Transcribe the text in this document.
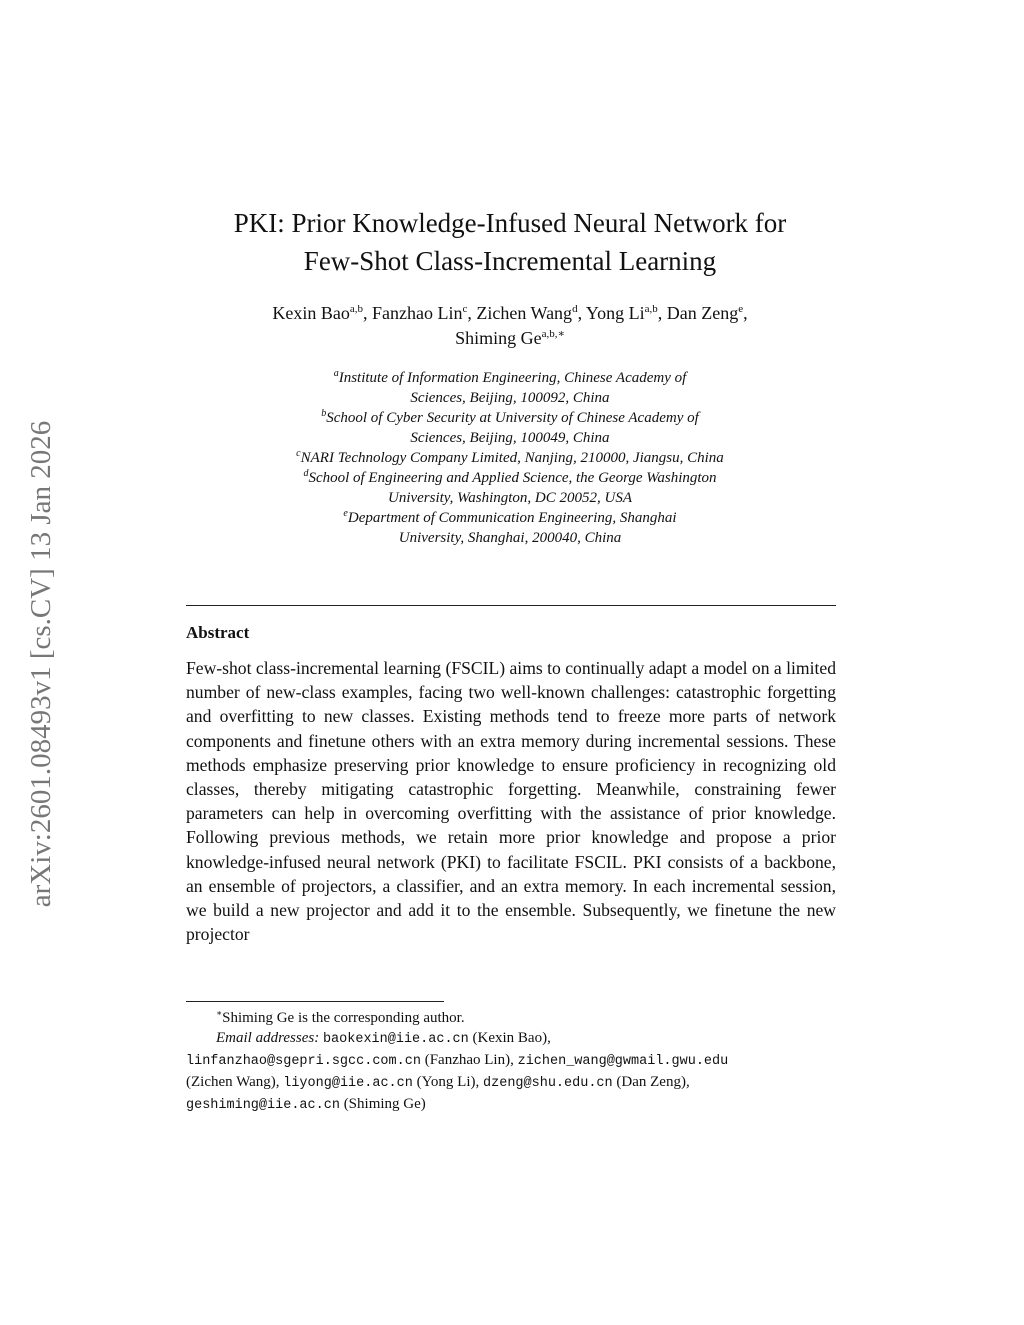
arXiv:2601.08493v1 [cs.CV] 13 Jan 2026
PKI: Prior Knowledge-Infused Neural Network for
Few-Shot Class-Incremental Learning
Kexin Bao$^{a,b}$, Fanzhao Lin$^c$, Zichen Wang$^d$, Yong Li$^{a,b}$, Dan Zeng$^e$,
Shiming $Ge^{a,b,∗}$
$^a$Institute of Information Engineering, Chinese Academy of
Sciences, Beijing, 100092, China
$^b$School of Cyber Security at University of Chinese Academy of
Sciences, Beijing, 100049, China
$^c$NARI Technology Company Limited, Nanjing, 210000, Jiangsu, China
$^d$School of Engineering and Applied Science, the George Washington
University, Washington, DC 20052, USA
$^e$Department of Communication Engineering, Shanghai
University, Shanghai, 200040, China
Abstract

Few-shot class-incremental learning (FSCIL) aims to continually adapt a model on a limited number of new-class examples, facing two well-known challenges: catastrophic forgetting and overfitting to new classes. Existing methods tend to freeze more parts of network components and finetune others with an extra memory during incremental sessions. These methods emphasize preserving prior knowledge to ensure proficiency in recognizing old classes, thereby mitigating catastrophic forgetting. Meanwhile, constraining fewer parameters can help in overcoming overfitting with the assistance of prior knowledge. Following previous methods, we retain more prior knowledge and propose a prior knowledge-infused neural network (PKI) to facilitate FSCIL. PKI consists of a backbone, an ensemble of projectors, a classifier, and an extra memory. In each incremental session, we build a new projector and add it to the ensemble. Subsequently, we finetune the new projector

∗Shiming Ge is the corresponding author.

Email addresses: baokexin@iie.ac.cn (Kexin Bao),

linfanzhao@sgepri.sgcc.com.cn (Fanzhao Lin), zichen_wang@gwmail.gwu.edu

(Zichen Wang), liyong@iie.ac.cn (Yong Li), dzeng@shu.edu.cn (Dan Zeng),

geshiming@iie.ac.cn (Shiming Ge)
